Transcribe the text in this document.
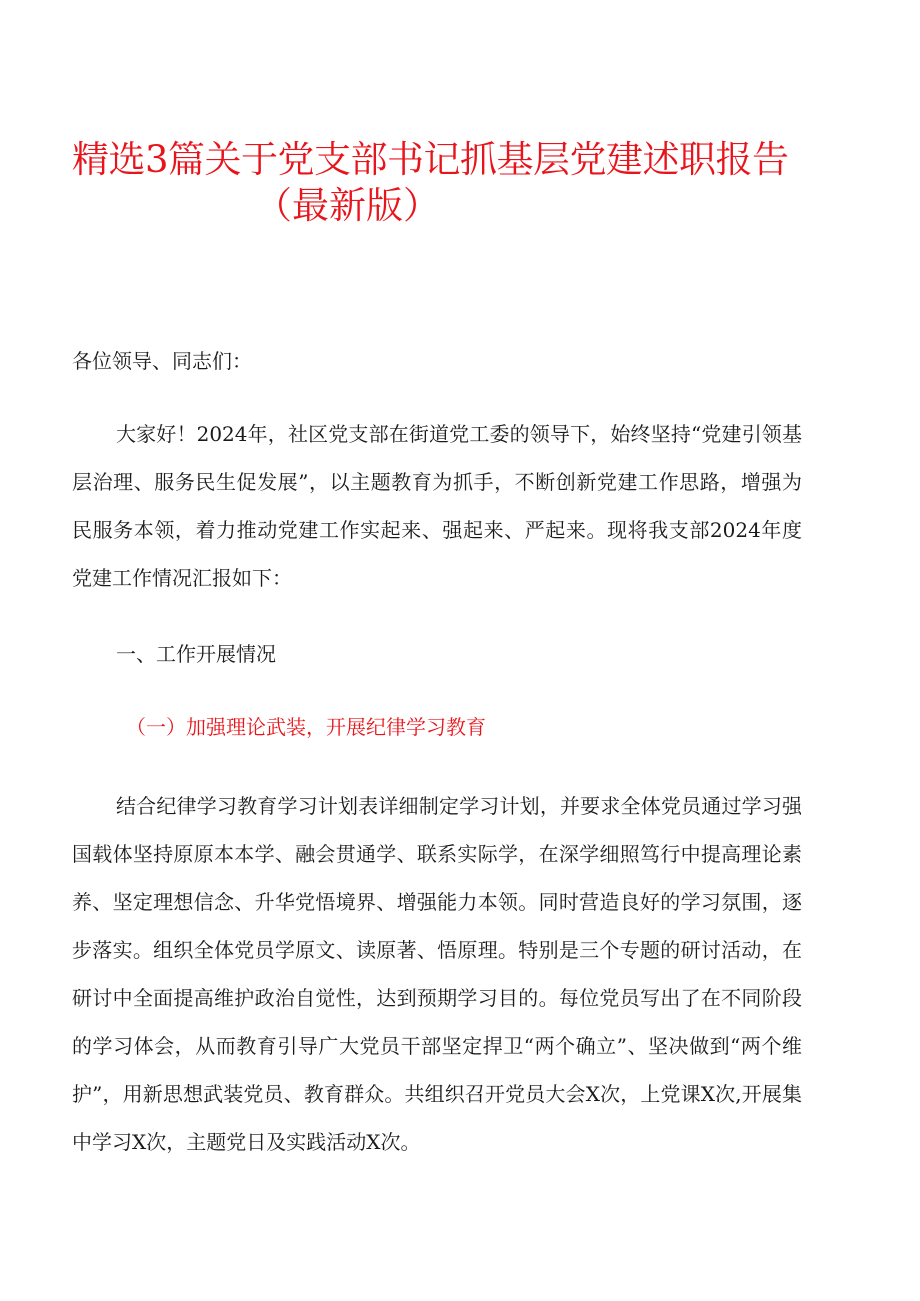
精选3篇关于党支部书记抓基层党建述职报告
（最新版）
各位领导、同志们：
大家好！2024年，社区党支部在街道党工委的领导下，始终坚持“党建引领基层治理、服务民生促发展”，以主题教育为抓手，不断创新党建工作思路，增强为民服务本领，着力推动党建工作实起来、强起来、严起来。现将我支部2024年度党建工作情况汇报如下：
一、工作开展情况
（一）加强理论武装，开展纪律学习教育
结合纪律学习教育学习计划表详细制定学习计划，并要求全体党员通过学习强国载体坚持原原本本学、融会贯通学、联系实际学，在深学细照笃行中提高理论素养、坚定理想信念、升华党悟境界、增强能力本领。同时营造良好的学习氛围，逐步落实。组织全体党员学原文、读原著、悟原理。特别是三个专题的研讨活动，在研讨中全面提高维护政治自觉性，达到预期学习目的。每位党员写出了在不同阶段的学习体会，从而教育引导广大党员干部坚定捍卫“两个确立”、坚决做到“两个维护”，用新思想武装党员、教育群众。共组织召开党员大会X次，上党课X次,开展集中学习X次，主题党日及实践活动X次。
